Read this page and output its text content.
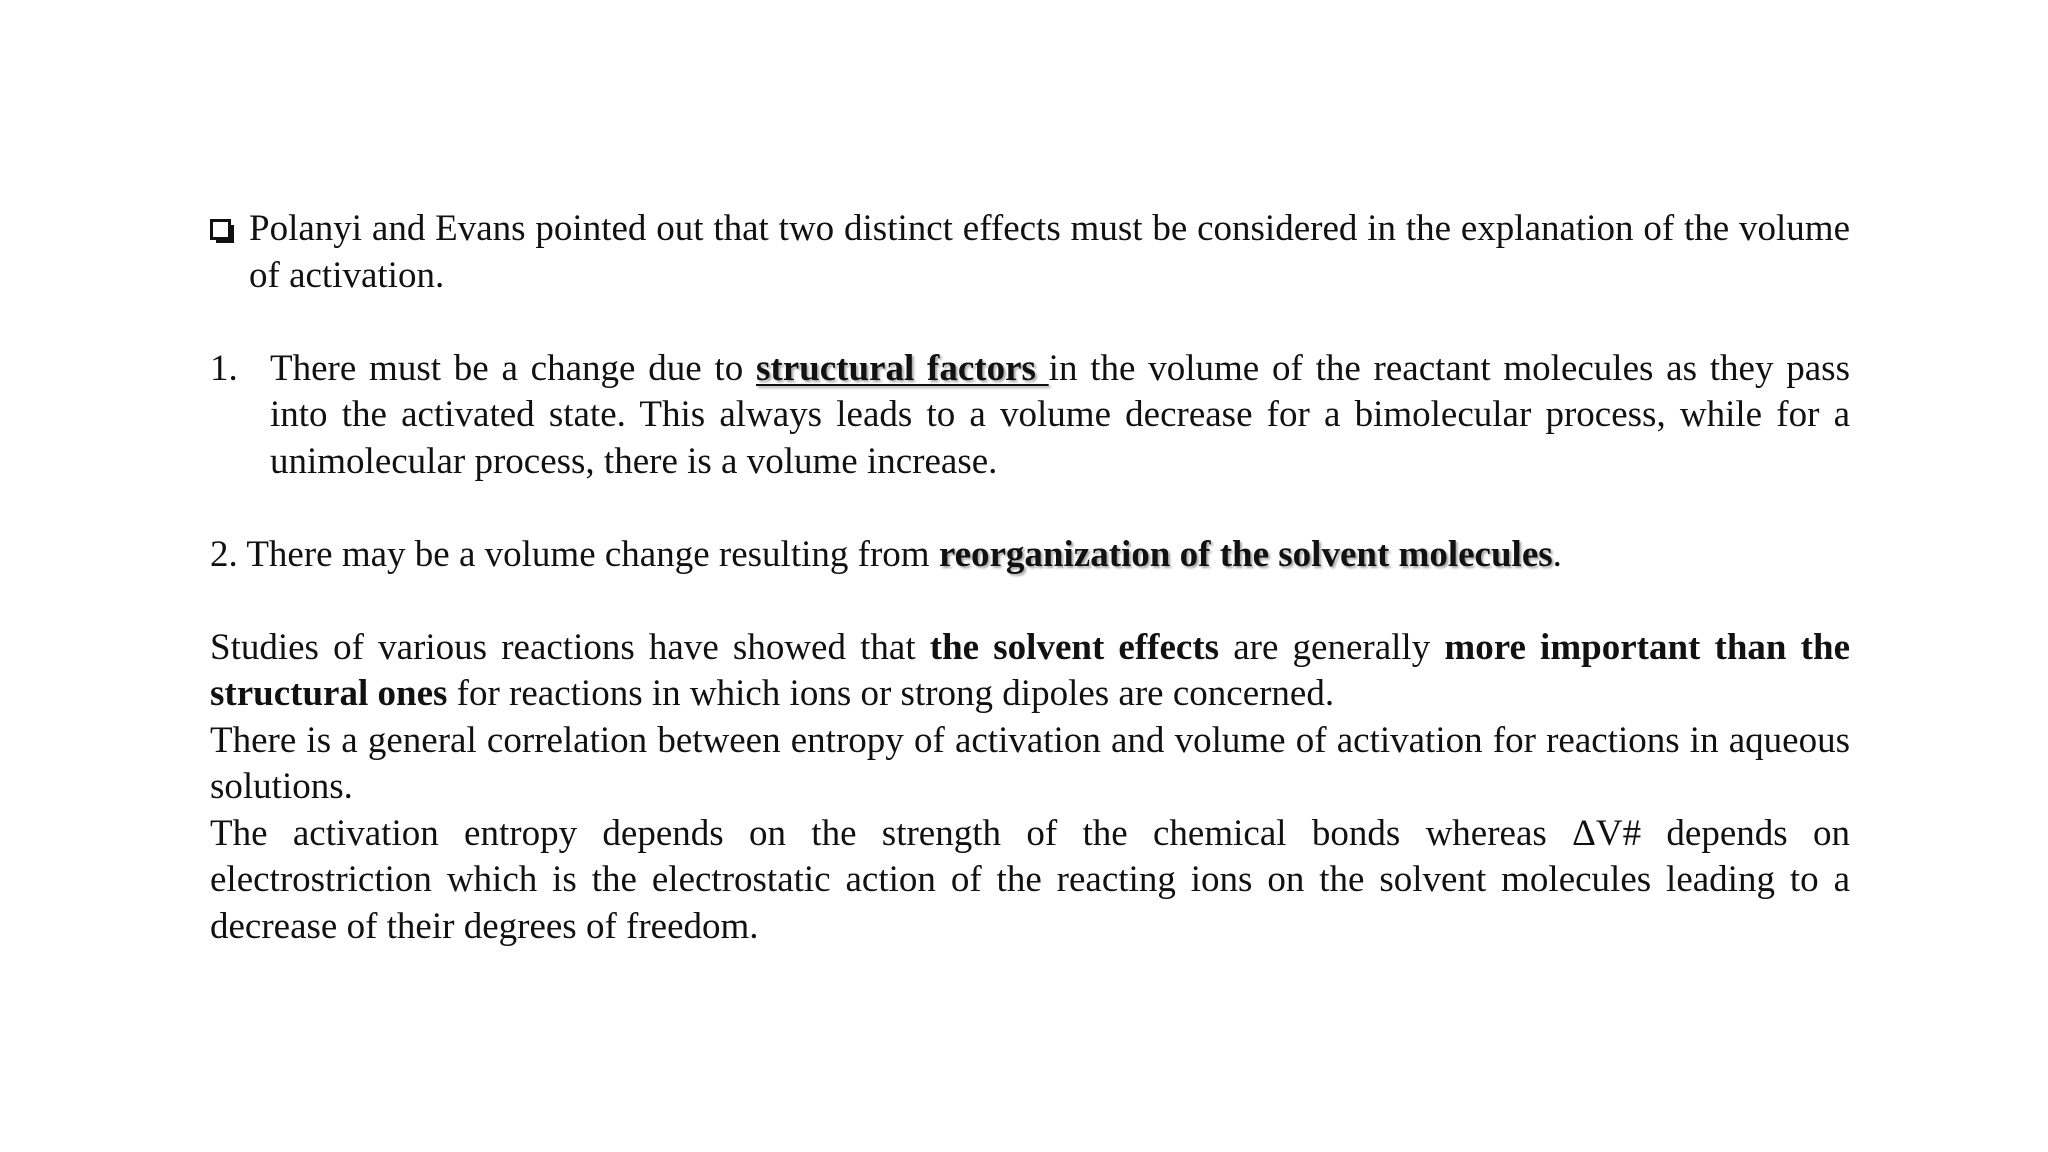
Polanyi and Evans pointed out that two distinct effects must be considered in the explanation of the volume of activation.
1. There must be a change due to structural factors in the volume of the reactant molecules as they pass into the activated state. This always leads to a volume decrease for a bimolecular process, while for a unimolecular process, there is a volume increase.
2. There may be a volume change resulting from reorganization of the solvent molecules.
Studies of various reactions have showed that the solvent effects are generally more important than the structural ones for reactions in which ions or strong dipoles are concerned.
There is a general correlation between entropy of activation and volume of activation for reactions in aqueous solutions.
The activation entropy depends on the strength of the chemical bonds whereas ΔV# depends on electrostriction which is the electrostatic action of the reacting ions on the solvent molecules leading to a decrease of their degrees of freedom.
